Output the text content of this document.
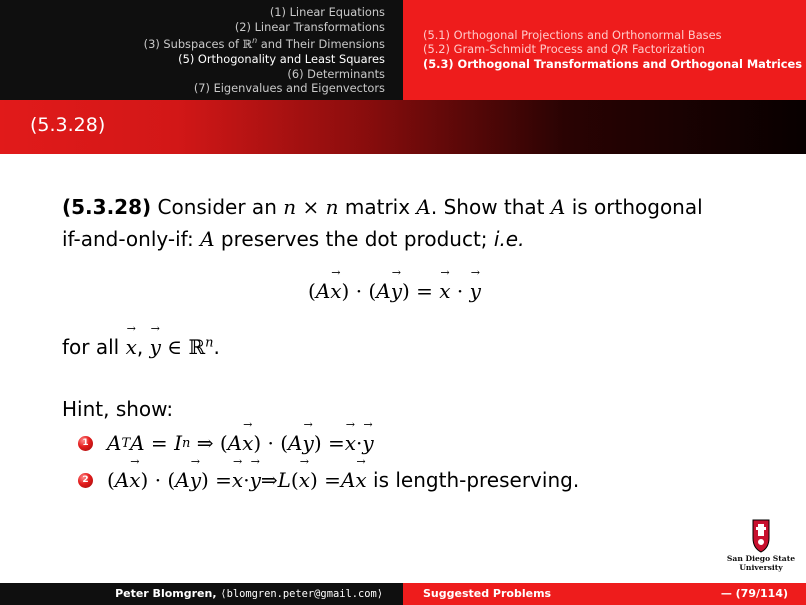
(1) Linear Equations
(2) Linear Transformations
(3) Subspaces of ℝ$^n$ and Their Dimensions
(5) Orthogonality and Least Squares
(6) Determinants
(7) Eigenvalues and Eigenvectors
(5.1) Orthogonal Projections and Orthonormal Bases
(5.2) Gram-Schmidt Process and QR Factorization
(5.3) Orthogonal Transformations and Orthogonal Matrices
(5.3.28)
(5.3.28) Consider an n × n matrix A. Show that A is orthogonal
if-and-only-if: A preserves the dot product; i.e.
(Ax →) · (Ay →) = x → · y →
for all x →, y → ∈ ℝ$^n$.
Hint, show:
1 A T A = I n ⇒ ( A x → ) · ( A y → ) = x → · y →
2 ( A x → ) · ( A y → ) = x → · y → ⇒ L ( x → ) = A x → is length-preserving.
San Diego State
University
Peter Blomgren, ⟨blomgren.peter@gmail.com⟩	Suggested Problems	— (79/114)
